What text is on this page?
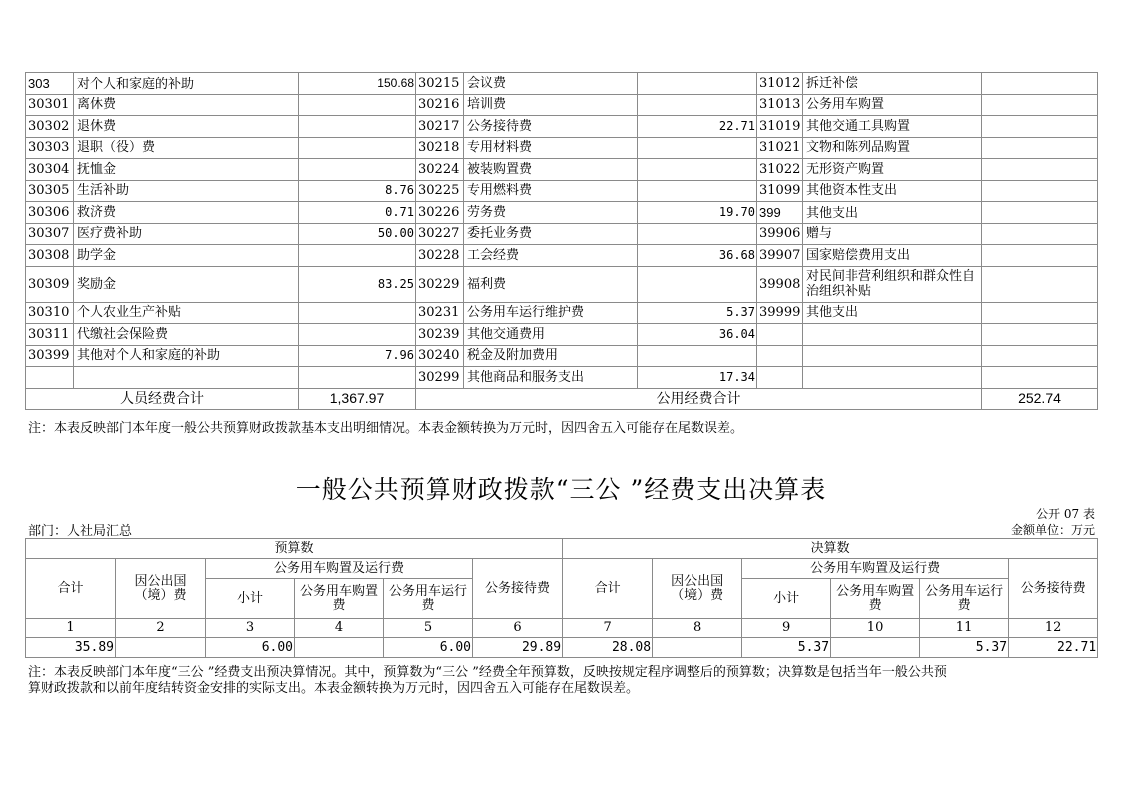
303	对个人和家庭的补助	150.68	30215	会议费		31012	拆迁补偿	
30301	离休费		30216	培训费		31013	公务用车购置	
30302	退休费		30217	公务接待费	22.71	31019	其他交通工具购置	
30303	退职（役）费		30218	专用材料费		31021	文物和陈列品购置	
30304	抚恤金		30224	被装购置费		31022	无形资产购置	
30305	生活补助	8.76	30225	专用燃料费		31099	其他资本性支出	
30306	救济费	0.71	30226	劳务费	19.70	399	其他支出	
30307	医疗费补助	50.00	30227	委托业务费		39906	赠与	
30308	助学金		30228	工会经费	36.68	39907	国家赔偿费用支出	
30309	奖励金	83.25	30229	福利费		39908	对民间非营利组织和群众性自治组织补贴	
30310	个人农业生产补贴		30231	公务用车运行维护费	5.37	39999	其他支出	
30311	代缴社会保险费		30239	其他交通费用	36.04			
30399	其他对个人和家庭的补助	7.96	30240	税金及附加费用				
			30299	其他商品和服务支出	17.34			
人员经费合计		1,367.97	公用经费合计					252.74
注：本表反映部门本年度一般公共预算财政拨款基本支出明细情况。本表金额转换为万元时，因四舍五入可能存在尾数误差。
一般公共预算财政拨款“三公 ”经费支出决算表
公开 07 表
部门：人社局汇总	金额单位：万元
预算数						决算数					
合计	因公出国（境）费	公务用车购置及运行费			公务接待费	合计	因公出国（境）费	公务用车购置及运行费			公务接待费
		小计	公务用车购置费	公务用车运行费				小计	公务用车购置费	公务用车运行费	
1	2	3	4	5	6	7	8	9	10	11	12
35.89		6.00		6.00	29.89	28.08		5.37		5.37	22.71
注：本表反映部门本年度“三公 ”经费支出预决算情况。其中，预算数为“三公 ”经费全年预算数，反映按规定程序调整后的预算数；决算数是包括当年一般公共预
算财政拨款和以前年度结转资金安排的实际支出。本表金额转换为万元时，因四舍五入可能存在尾数误差。
